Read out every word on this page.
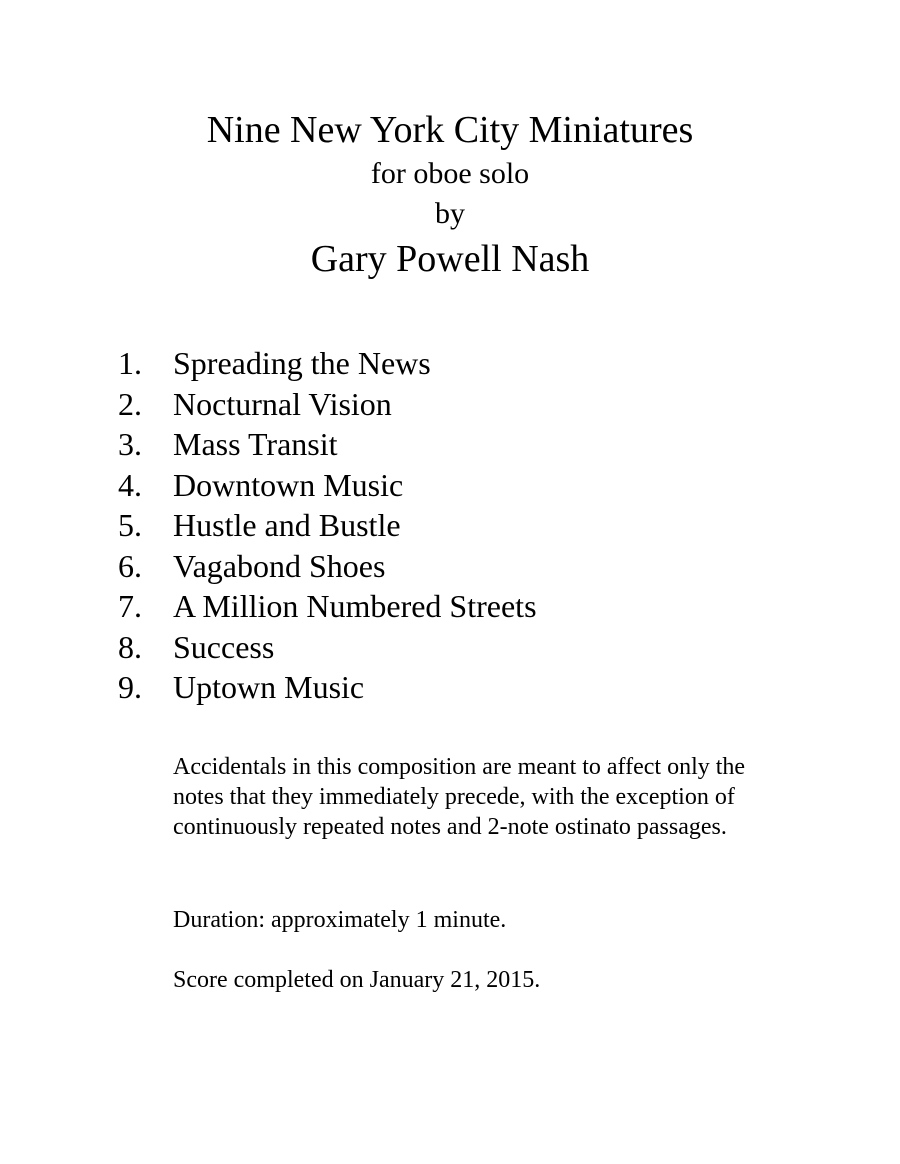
Nine New York City Miniatures
for oboe solo
by
Gary Powell Nash
1. Spreading the News
2. Nocturnal Vision
3. Mass Transit
4. Downtown Music
5. Hustle and Bustle
6. Vagabond Shoes
7. A Million Numbered Streets
8. Success
9. Uptown Music

Accidentals in this composition are meant to affect only the notes that they immediately precede, with the exception of continuously repeated notes and 2-note ostinato passages.

Duration: approximately 1 minute.
Score completed on January 21, 2015.
